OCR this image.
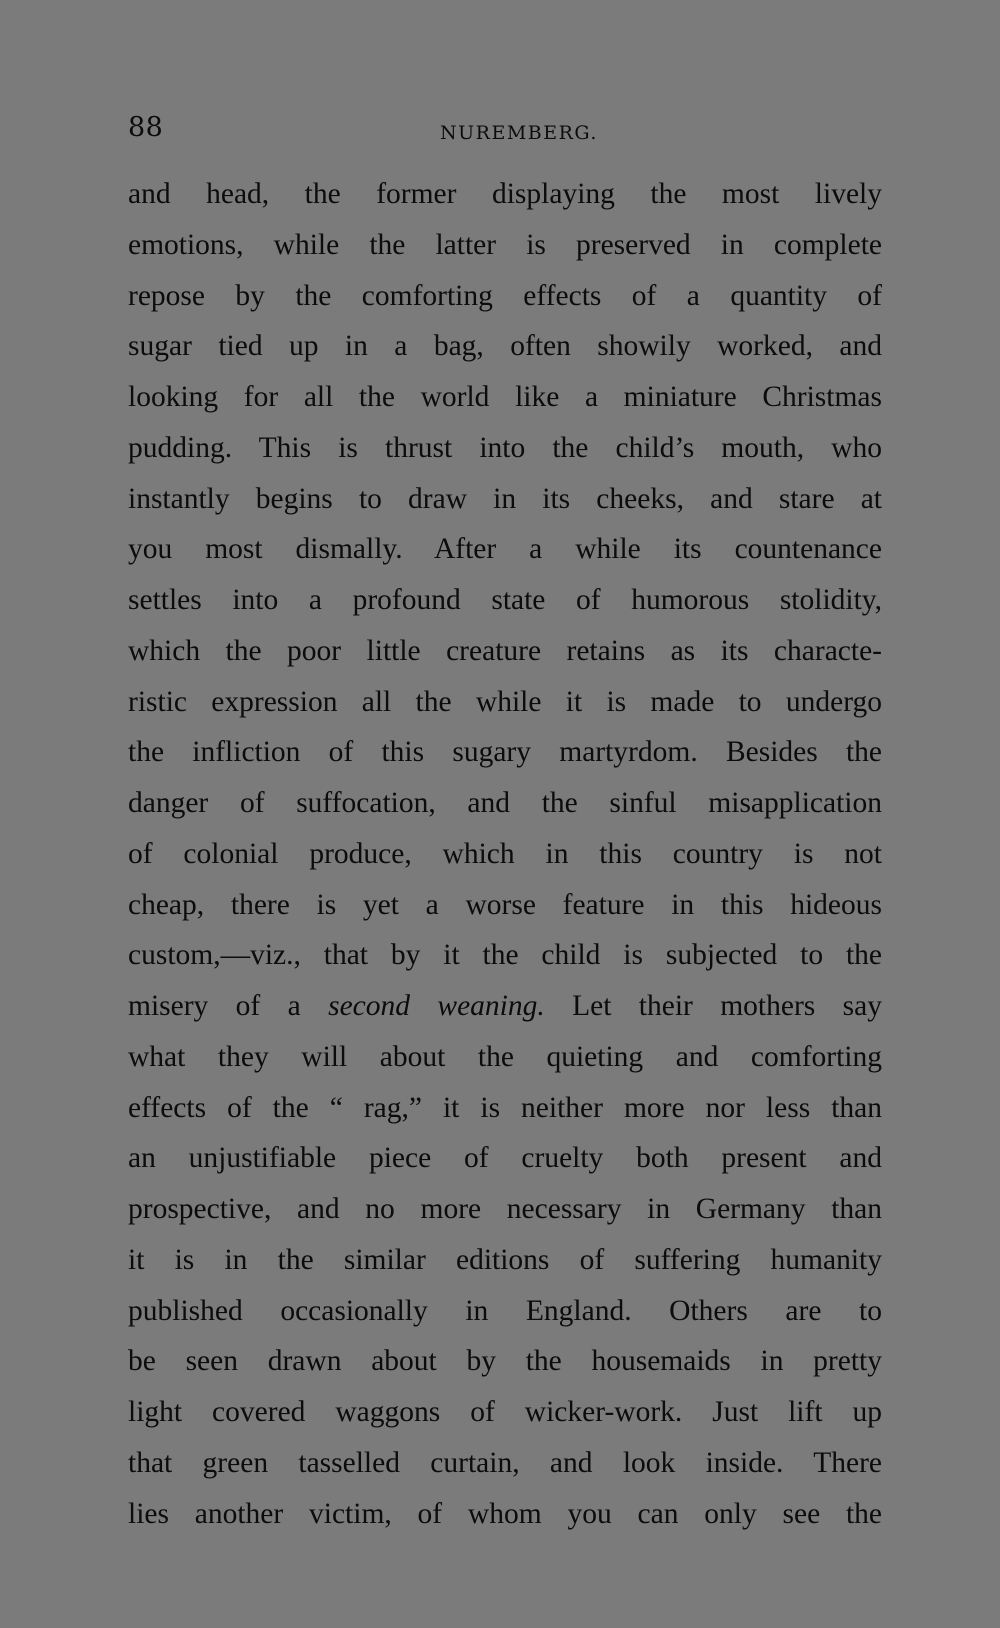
88	NUREMBERG.

and head, the former displaying the most lively
emotions, while the latter is preserved in complete
repose by the comforting effects of a quantity of
sugar tied up in a bag, often showily worked, and
looking for all the world like a miniature Christmas
pudding. This is thrust into the child’s mouth, who
instantly begins to draw in its cheeks, and stare at
you most dismally. After a while its countenance
settles into a profound state of humorous stolidity,
which the poor little creature retains as its characte-
ristic expression all the while it is made to undergo
the infliction of this sugary martyrdom. Besides the
danger of suffocation, and the sinful misapplication
of colonial produce, which in this country is not
cheap, there is yet a worse feature in this hideous
custom,—viz., that by it the child is subjected to the
misery of a second weaning. Let their mothers say
what they will about the quieting and comforting
effects of the “ rag,” it is neither more nor less than
an unjustifiable piece of cruelty both present and
prospective, and no more necessary in Germany than
it is in the similar editions of suffering humanity
published occasionally in England. Others are to
be seen drawn about by the housemaids in pretty
light covered waggons of wicker-work. Just lift up
that green tasselled curtain, and look inside. There
lies another victim, of whom you can only see the
